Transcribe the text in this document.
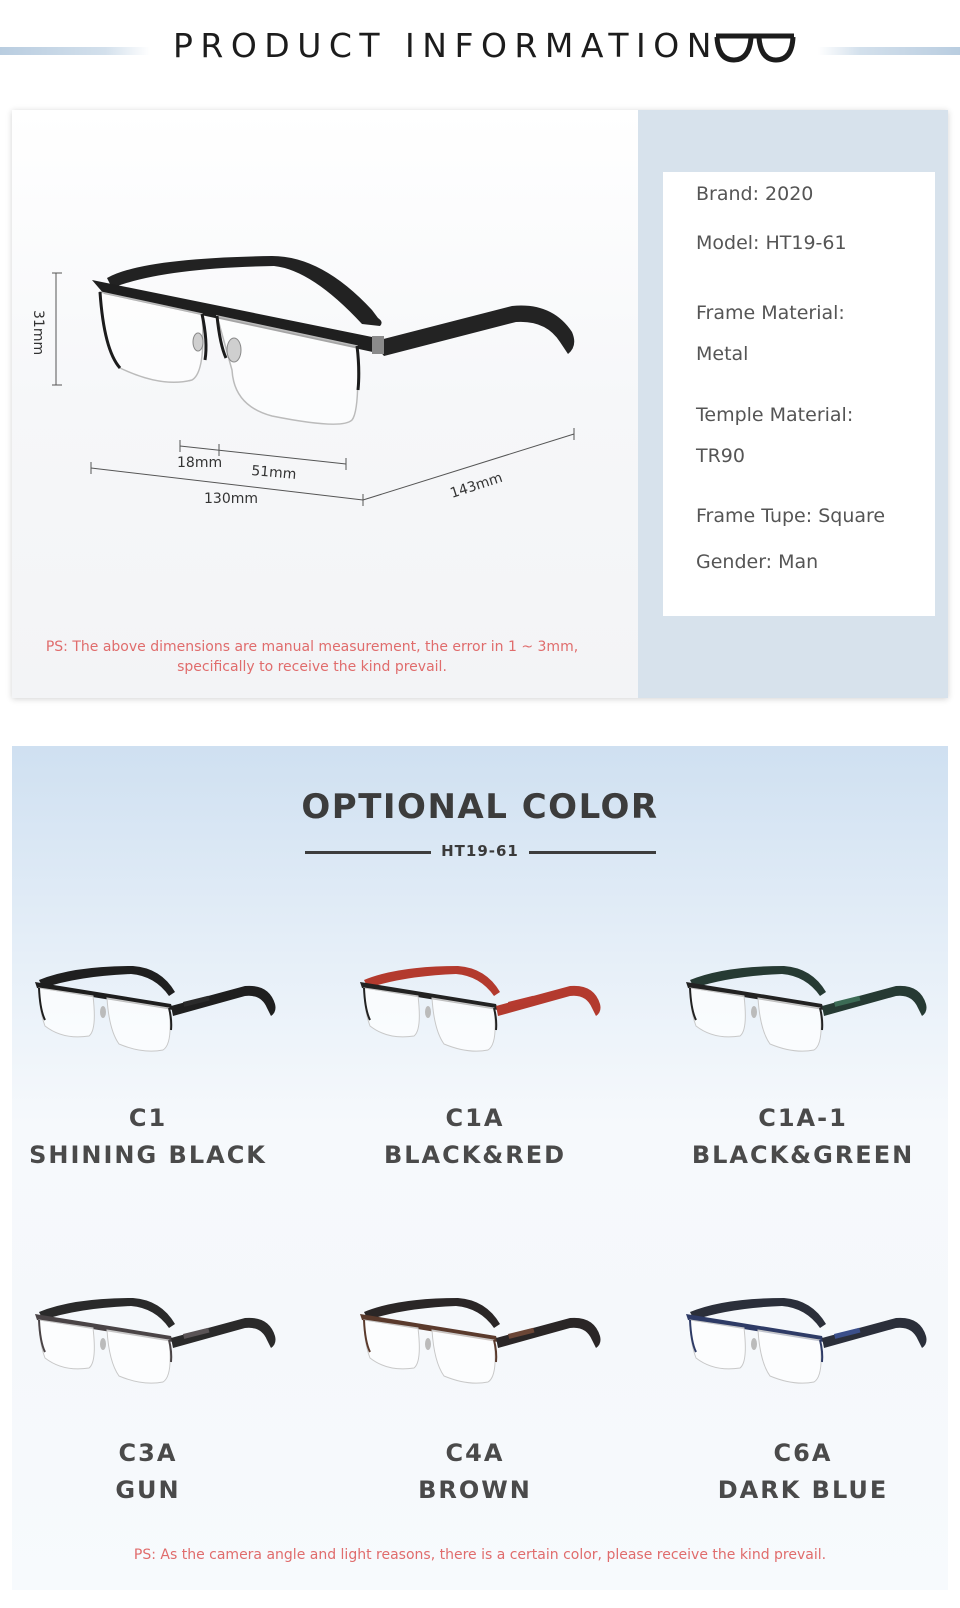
PRODUCT INFORMATION
31mm
18mm
51mm
130mm	143mm
Brand: 2020
Model: HT19-61
Frame Material:
Metal
Temple Material:
TR90
Frame Tupe: Square
Gender: Man
PS: The above dimensions are manual measurement, the error in 1 ~ 3mm,
specifically to receive the kind prevail.
OPTIONAL COLOR
HT19-61
C1
SHINING BLACK
C1A
BLACK&RED
C1A-1
BLACK&GREEN
C3A
GUN
C4A
BROWN
C6A
DARK BLUE
PS: As the camera angle and light reasons, there is a certain color, please receive the kind prevail.
